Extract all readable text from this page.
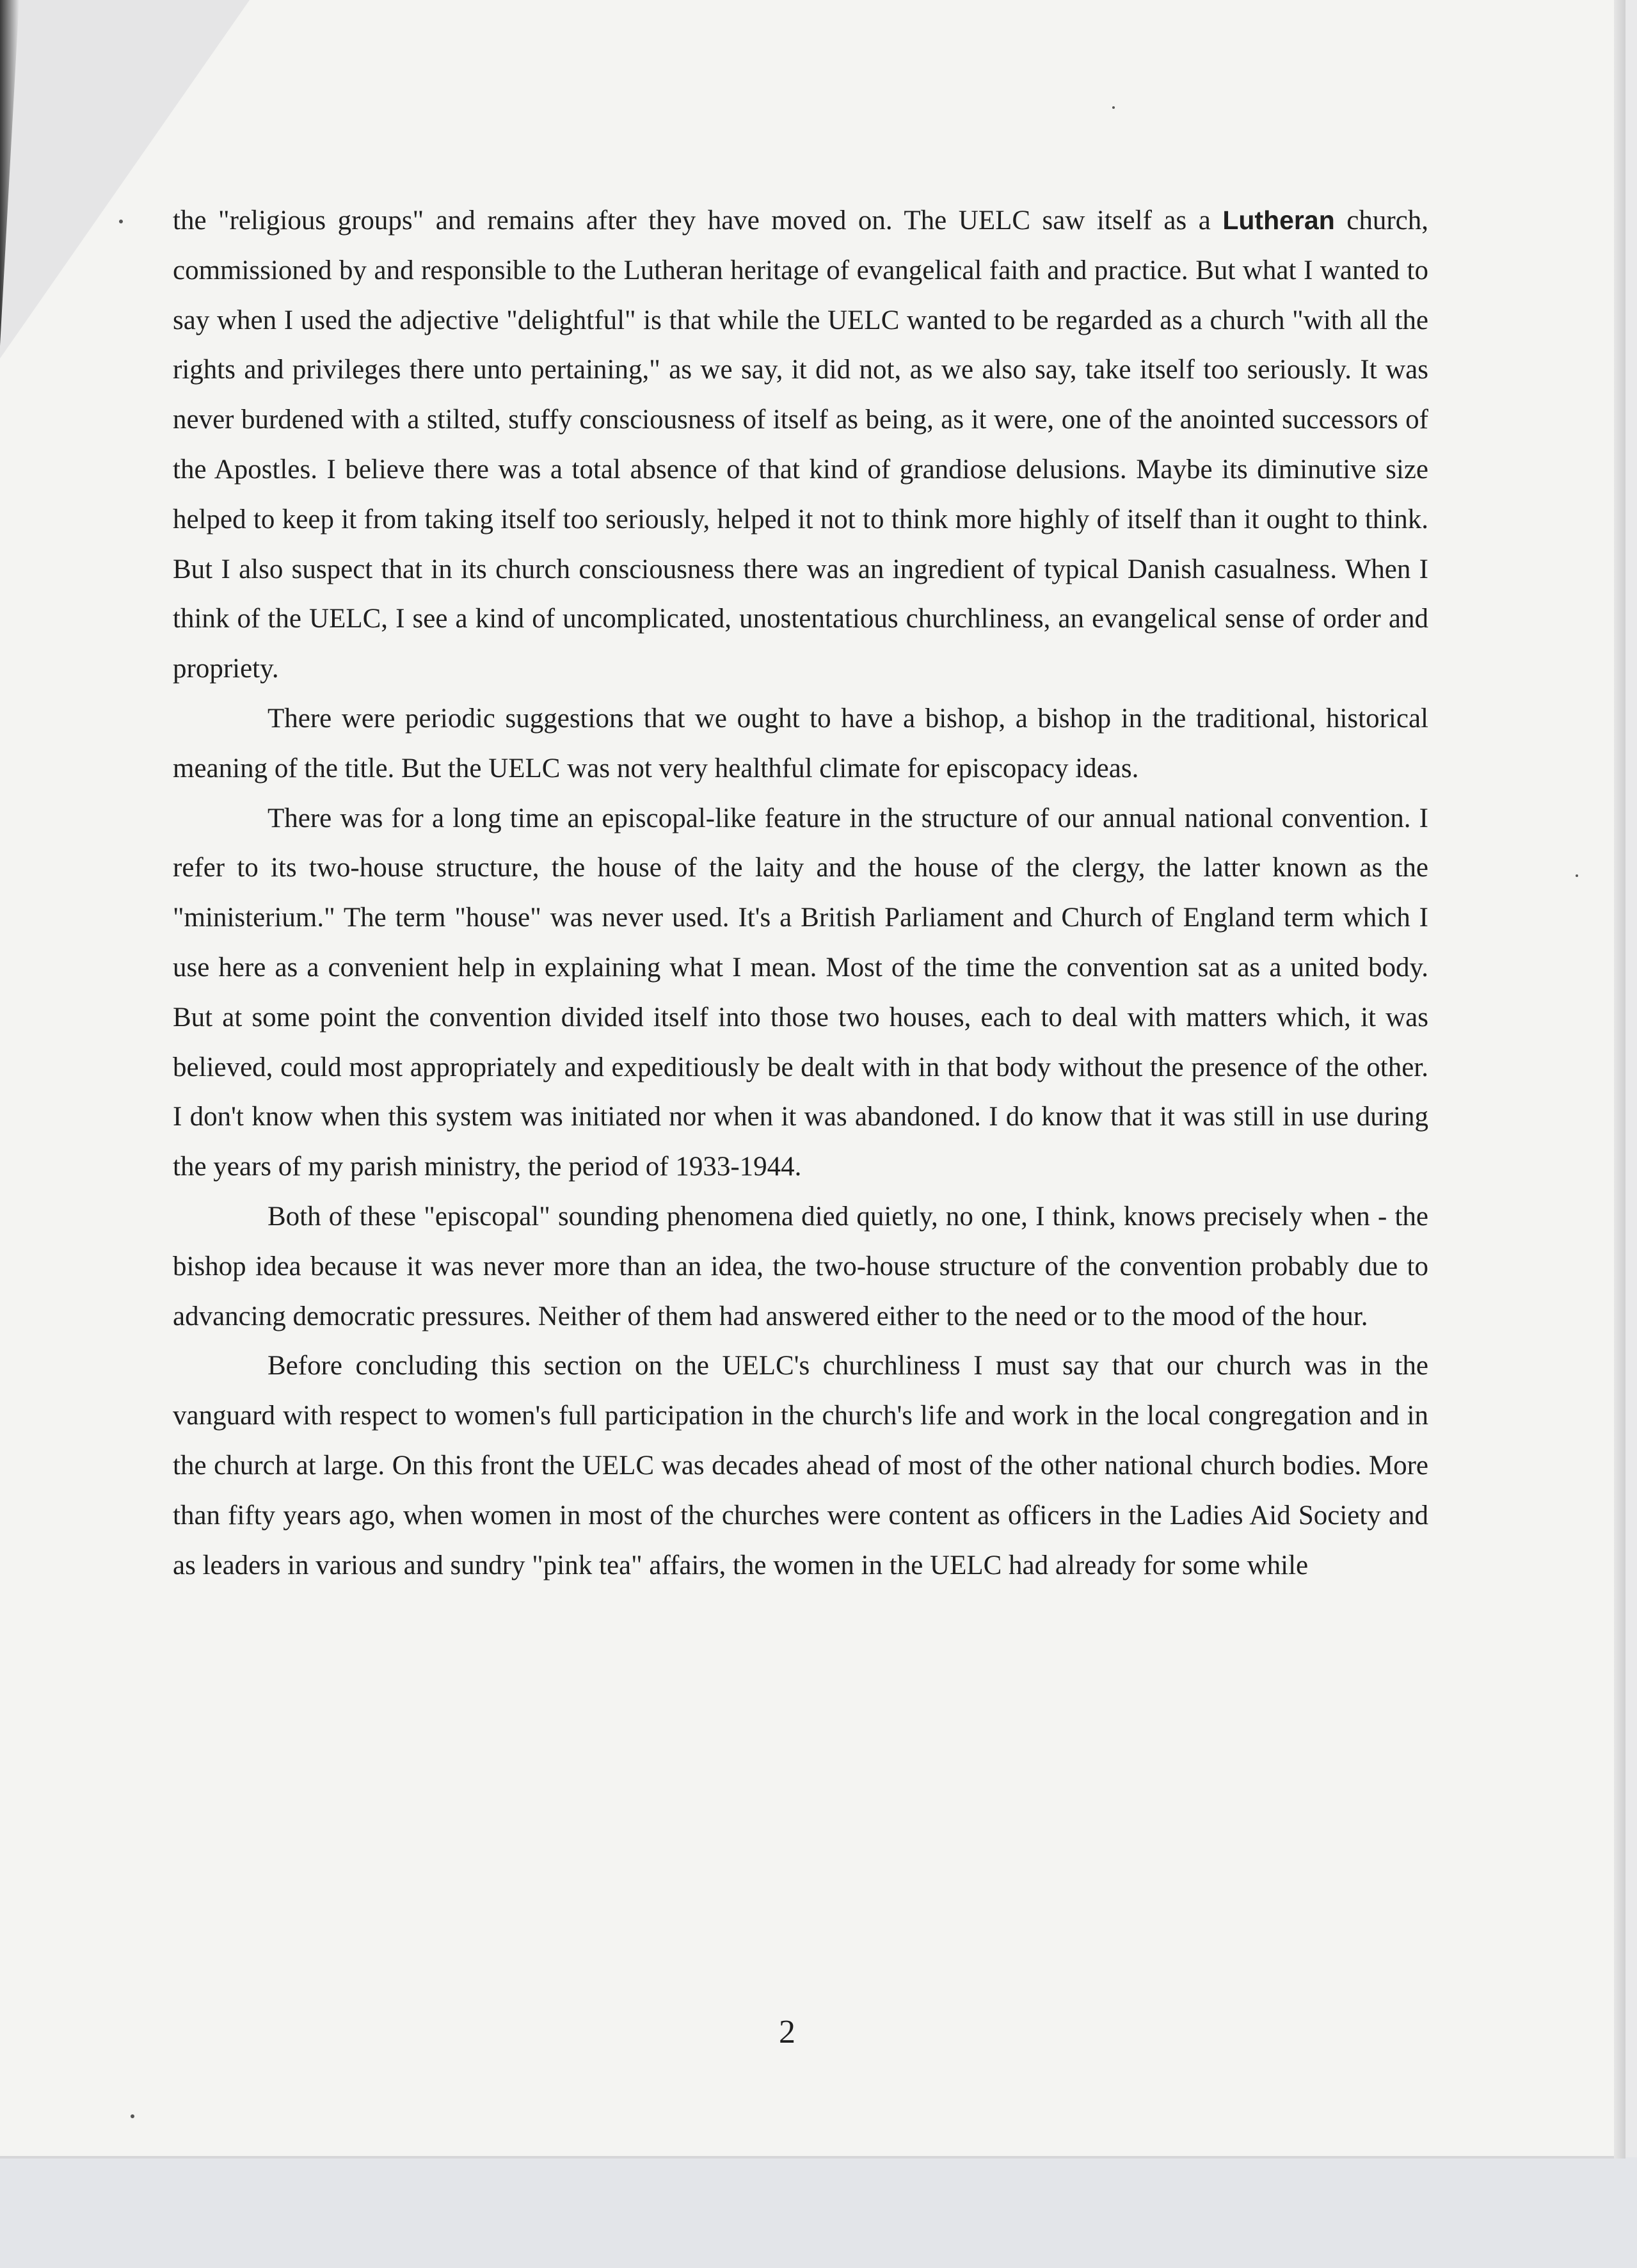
the "religious groups" and remains after they have moved on. The UELC saw itself as a Lutheran church, commissioned by and responsible to the Lutheran heritage of evangelical faith and practice. But what I wanted to say when I used the adjective "delightful" is that while the UELC wanted to be regarded as a church "with all the rights and privileges there unto pertaining," as we say, it did not, as we also say, take itself too seriously. It was never burdened with a stilted, stuffy consciousness of itself as being, as it were, one of the anointed successors of the Apostles. I believe there was a total absence of that kind of grandiose delusions. Maybe its diminutive size helped to keep it from taking itself too seriously, helped it not to think more highly of itself than it ought to think. But I also suspect that in its church consciousness there was an ingredient of typical Danish casualness. When I think of the UELC, I see a kind of uncomplicated, unostentatious churchliness, an evangelical sense of order and propriety.

There were periodic suggestions that we ought to have a bishop, a bishop in the traditional, historical meaning of the title. But the UELC was not very healthful climate for episcopacy ideas.

There was for a long time an episcopal-like feature in the structure of our annual national convention. I refer to its two-house structure, the house of the laity and the house of the clergy, the latter known as the "ministerium." The term "house" was never used. It's a British Parliament and Church of England term which I use here as a convenient help in explaining what I mean. Most of the time the convention sat as a united body. But at some point the convention divided itself into those two houses, each to deal with matters which, it was believed, could most appropriately and expeditiously be dealt with in that body without the presence of the other. I don't know when this system was initiated nor when it was abandoned. I do know that it was still in use during the years of my parish ministry, the period of 1933-1944.

Both of these "episcopal" sounding phenomena died quietly, no one, I think, knows precisely when - the bishop idea because it was never more than an idea, the two-house structure of the convention probably due to advancing democratic pressures. Neither of them had answered either to the need or to the mood of the hour.

Before concluding this section on the UELC's churchliness I must say that our church was in the vanguard with respect to women's full participation in the church's life and work in the local congregation and in the church at large. On this front the UELC was decades ahead of most of the other national church bodies. More than fifty years ago, when women in most of the churches were content as officers in the Ladies Aid Society and as leaders in various and sundry "pink tea" affairs, the women in the UELC had already for some while

2
